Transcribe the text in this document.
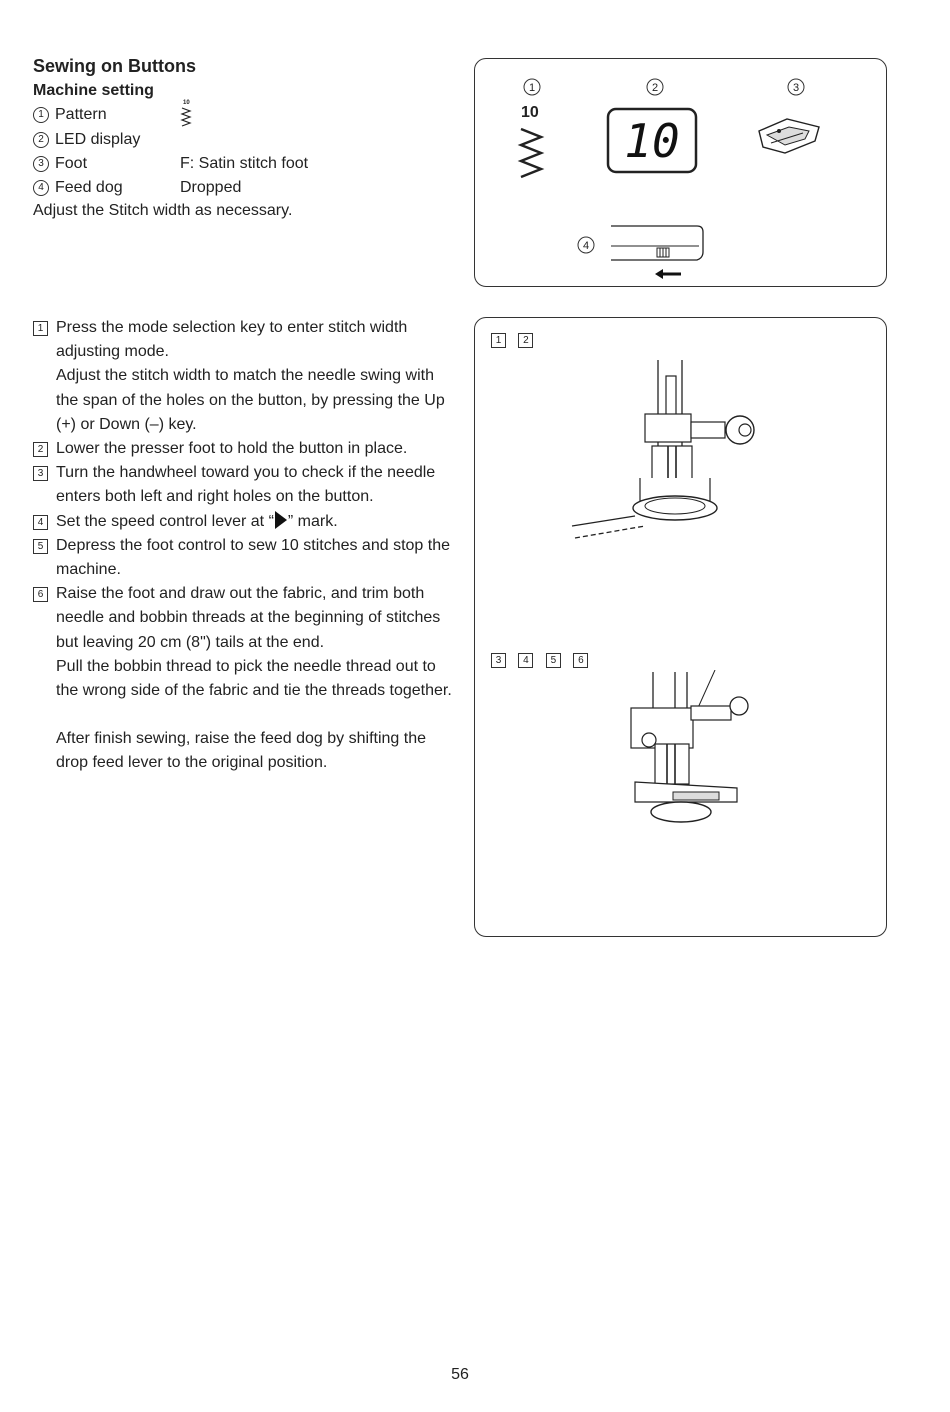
Sewing on Buttons
Machine setting
1 Pattern
10
2 LED display
3 Foot	F: Satin stitch foot
4 Feed dog	Dropped
Adjust the Stitch width as necessary.
1	2	3
4
10
10
1 Press the mode selection key to enter stitch width adjusting mode.

Adjust the stitch width to match the needle swing with the span of the holes on the button, by pressing the Up (+) or Down (–) key.

2 Lower the presser foot to hold the button in place.

3 Turn the handwheel toward you to check if the needle enters both left and right holes on the button.

4 Set the speed control lever at “ ” mark.

5 Depress the foot control to sew 10 stitches and stop the machine.

6 Raise the foot and draw out the fabric, and trim both needle and bobbin threads at the beginning of stitches but leaving 20 cm (8") tails at the end.

Pull the bobbin thread to pick the needle thread out to the wrong side of the fabric and tie the threads together.

After finish sewing, raise the feed dog by shifting the drop feed lever to the original position.

1 2
3 4 5 6
56
